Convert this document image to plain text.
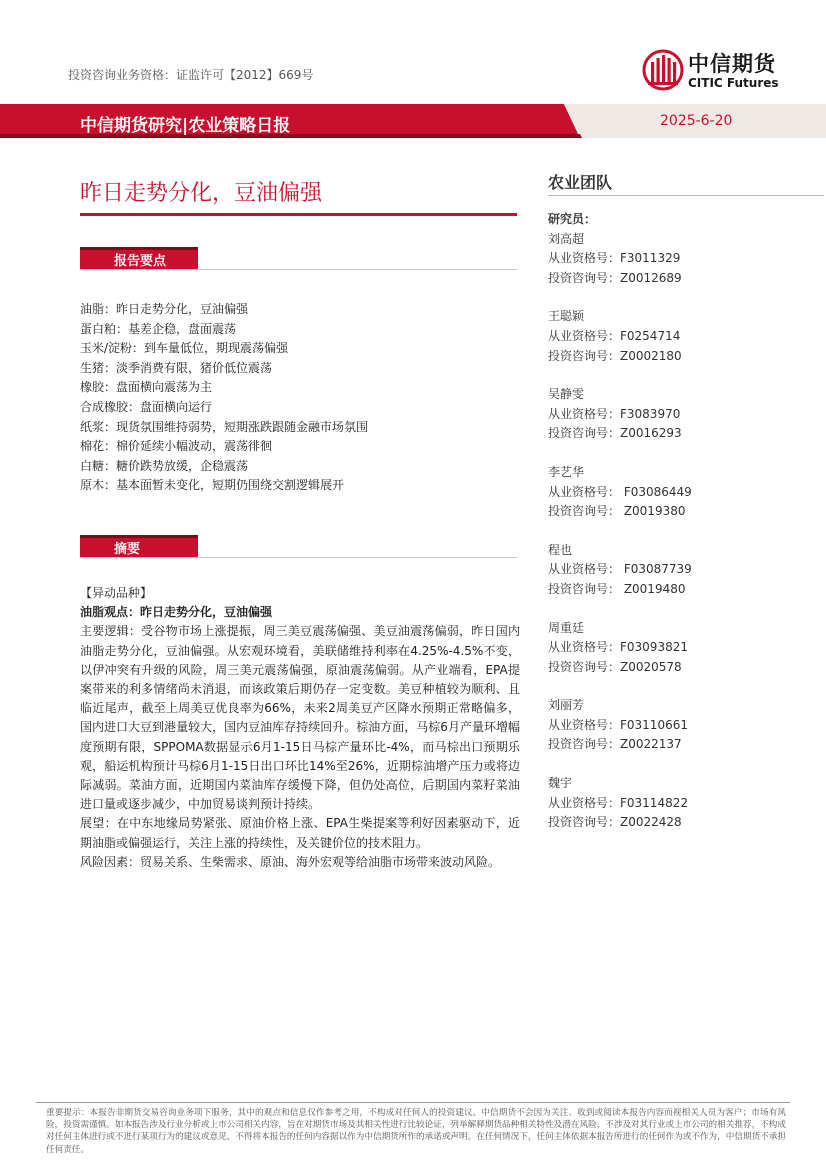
投资咨询业务资格：证监许可【2012】669号	中信期货
CITIC Futures
中信期货研究|农业策略日报	2025-6-20
昨日走势分化，豆油偏强
报告要点
油脂：昨日走势分化，豆油偏强
蛋白粕：基差企稳，盘面震荡
玉米/淀粉：到车量低位，期现震荡偏强
生猪：淡季消费有限，猪价低位震荡
橡胶：盘面横向震荡为主
合成橡胶：盘面横向运行
纸浆：现货氛围维持弱势，短期涨跌跟随金融市场氛围
棉花：棉价延续小幅波动，震荡徘徊
白糖：糖价跌势放缓，企稳震荡
原木：基本面暂未变化，短期仍围绕交割逻辑展开
摘要
【异动品种】
油脂观点：昨日走势分化，豆油偏强
主要逻辑：受谷物市场上涨提振，周三美豆震荡偏强、美豆油震荡偏弱，昨日国内油脂走势分化，豆油偏强。从宏观环境看，美联储维持利率在4.25%-4.5%不变，以伊冲突有升级的风险，周三美元震荡偏强，原油震荡偏弱。从产业端看，EPA提案带来的利多情绪尚未消退，而该政策后期仍存一定变数。美豆种植较为顺利、且临近尾声，截至上周美豆优良率为66%，未来2周美豆产区降水预期正常略偏多，国内进口大豆到港量较大，国内豆油库存持续回升。棕油方面，马棕6月产量环增幅度预期有限，SPPOMA数据显示6月1-15日马棕产量环比-4%，而马棕出口预期乐观，船运机构预计马棕6月1-15日出口环比14%至26%，近期棕油增产压力或将边际减弱。菜油方面，近期国内菜油库存缓慢下降，但仍处高位，后期国内菜籽菜油进口量或逐步减少，中加贸易谈判预计持续。
展望：在中东地缘局势紧张、原油价格上涨、EPA生柴提案等利好因素驱动下，近期油脂或偏强运行，关注上涨的持续性，及关键价位的技术阻力。
风险因素：贸易关系、生柴需求、原油、海外宏观等给油脂市场带来波动风险。
农业团队
研究员：
刘高超
从业资格号：F3011329
投资咨询号：Z0012689
王聪颖
从业资格号：F0254714
投资咨询号：Z0002180
吴静雯
从业资格号：F3083970
投资咨询号：Z0016293
李艺华
从业资格号： F03086449
投资咨询号： Z0019380
程也
从业资格号： F03087739
投资咨询号： Z0019480
周重廷
从业资格号：F03093821
投资咨询号：Z0020578
刘丽芳
从业资格号：F03110661
投资咨询号：Z0022137
魏宇
从业资格号：F03114822
投资咨询号：Z0022428
重要提示：本报告非期货交易咨询业务项下服务，其中的观点和信息仅作参考之用，不构成对任何人的投资建议。中信期货不会因为关注、收到或阅读本报告内容而视相关人员为客户；市场有风险，投资需谨慎。如本报告涉及行业分析或上市公司相关内容，旨在对期货市场及其相关性进行比较论证，列举解释期货品种相关特性及潜在风险，不涉及对其行业或上市公司的相关推荐，不构成对任何主体进行或不进行某项行为的建议或意见，不得将本报告的任何内容据以作为中信期货所作的承诺或声明。在任何情况下，任何主体依据本报告所进行的任何作为或不作为，中信期货不承担任何责任。
